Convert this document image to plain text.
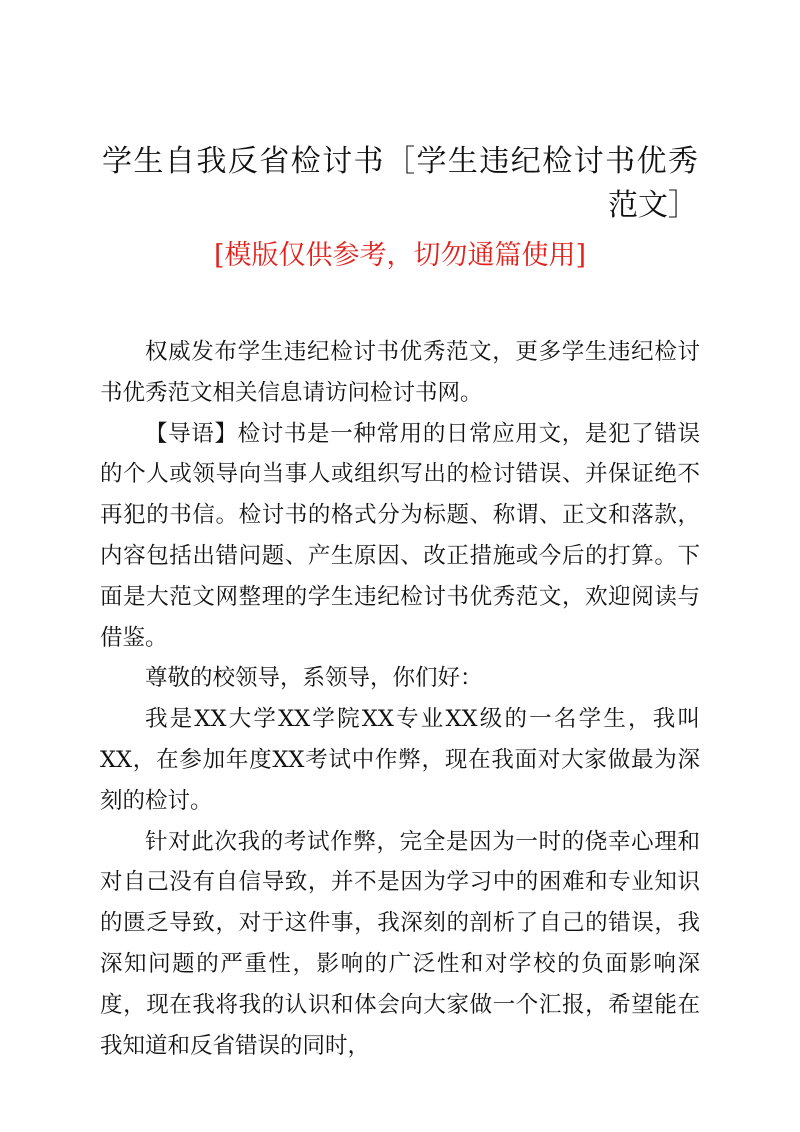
学生自我反省检讨书［学生违纪检讨书优秀范文］
[模版仅供参考，切勿通篇使用]

权威发布学生违纪检讨书优秀范文，更多学生违纪检讨书优秀范文相关信息请访问检讨书网。

【导语】检讨书是一种常用的日常应用文，是犯了错误的个人或领导向当事人或组织写出的检讨错误、并保证绝不再犯的书信。检讨书的格式分为标题、称谓、正文和落款，内容包括出错问题、产生原因、改正措施或今后的打算。下面是大范文网整理的学生违纪检讨书优秀范文，欢迎阅读与借鉴。

尊敬的校领导，系领导，你们好：

我是XX大学XX学院XX专业XX级的一名学生，我叫XX，在参加年度XX考试中作弊，现在我面对大家做最为深刻的检讨。

针对此次我的考试作弊，完全是因为一时的侥幸心理和对自己没有自信导致，并不是因为学习中的困难和专业知识的匮乏导致，对于这件事，我深刻的剖析了自己的错误，我深知问题的严重性，影响的广泛性和对学校的负面影响深度，现在我将我的认识和体会向大家做一个汇报，希望能在我知道和反省错误的同时，
